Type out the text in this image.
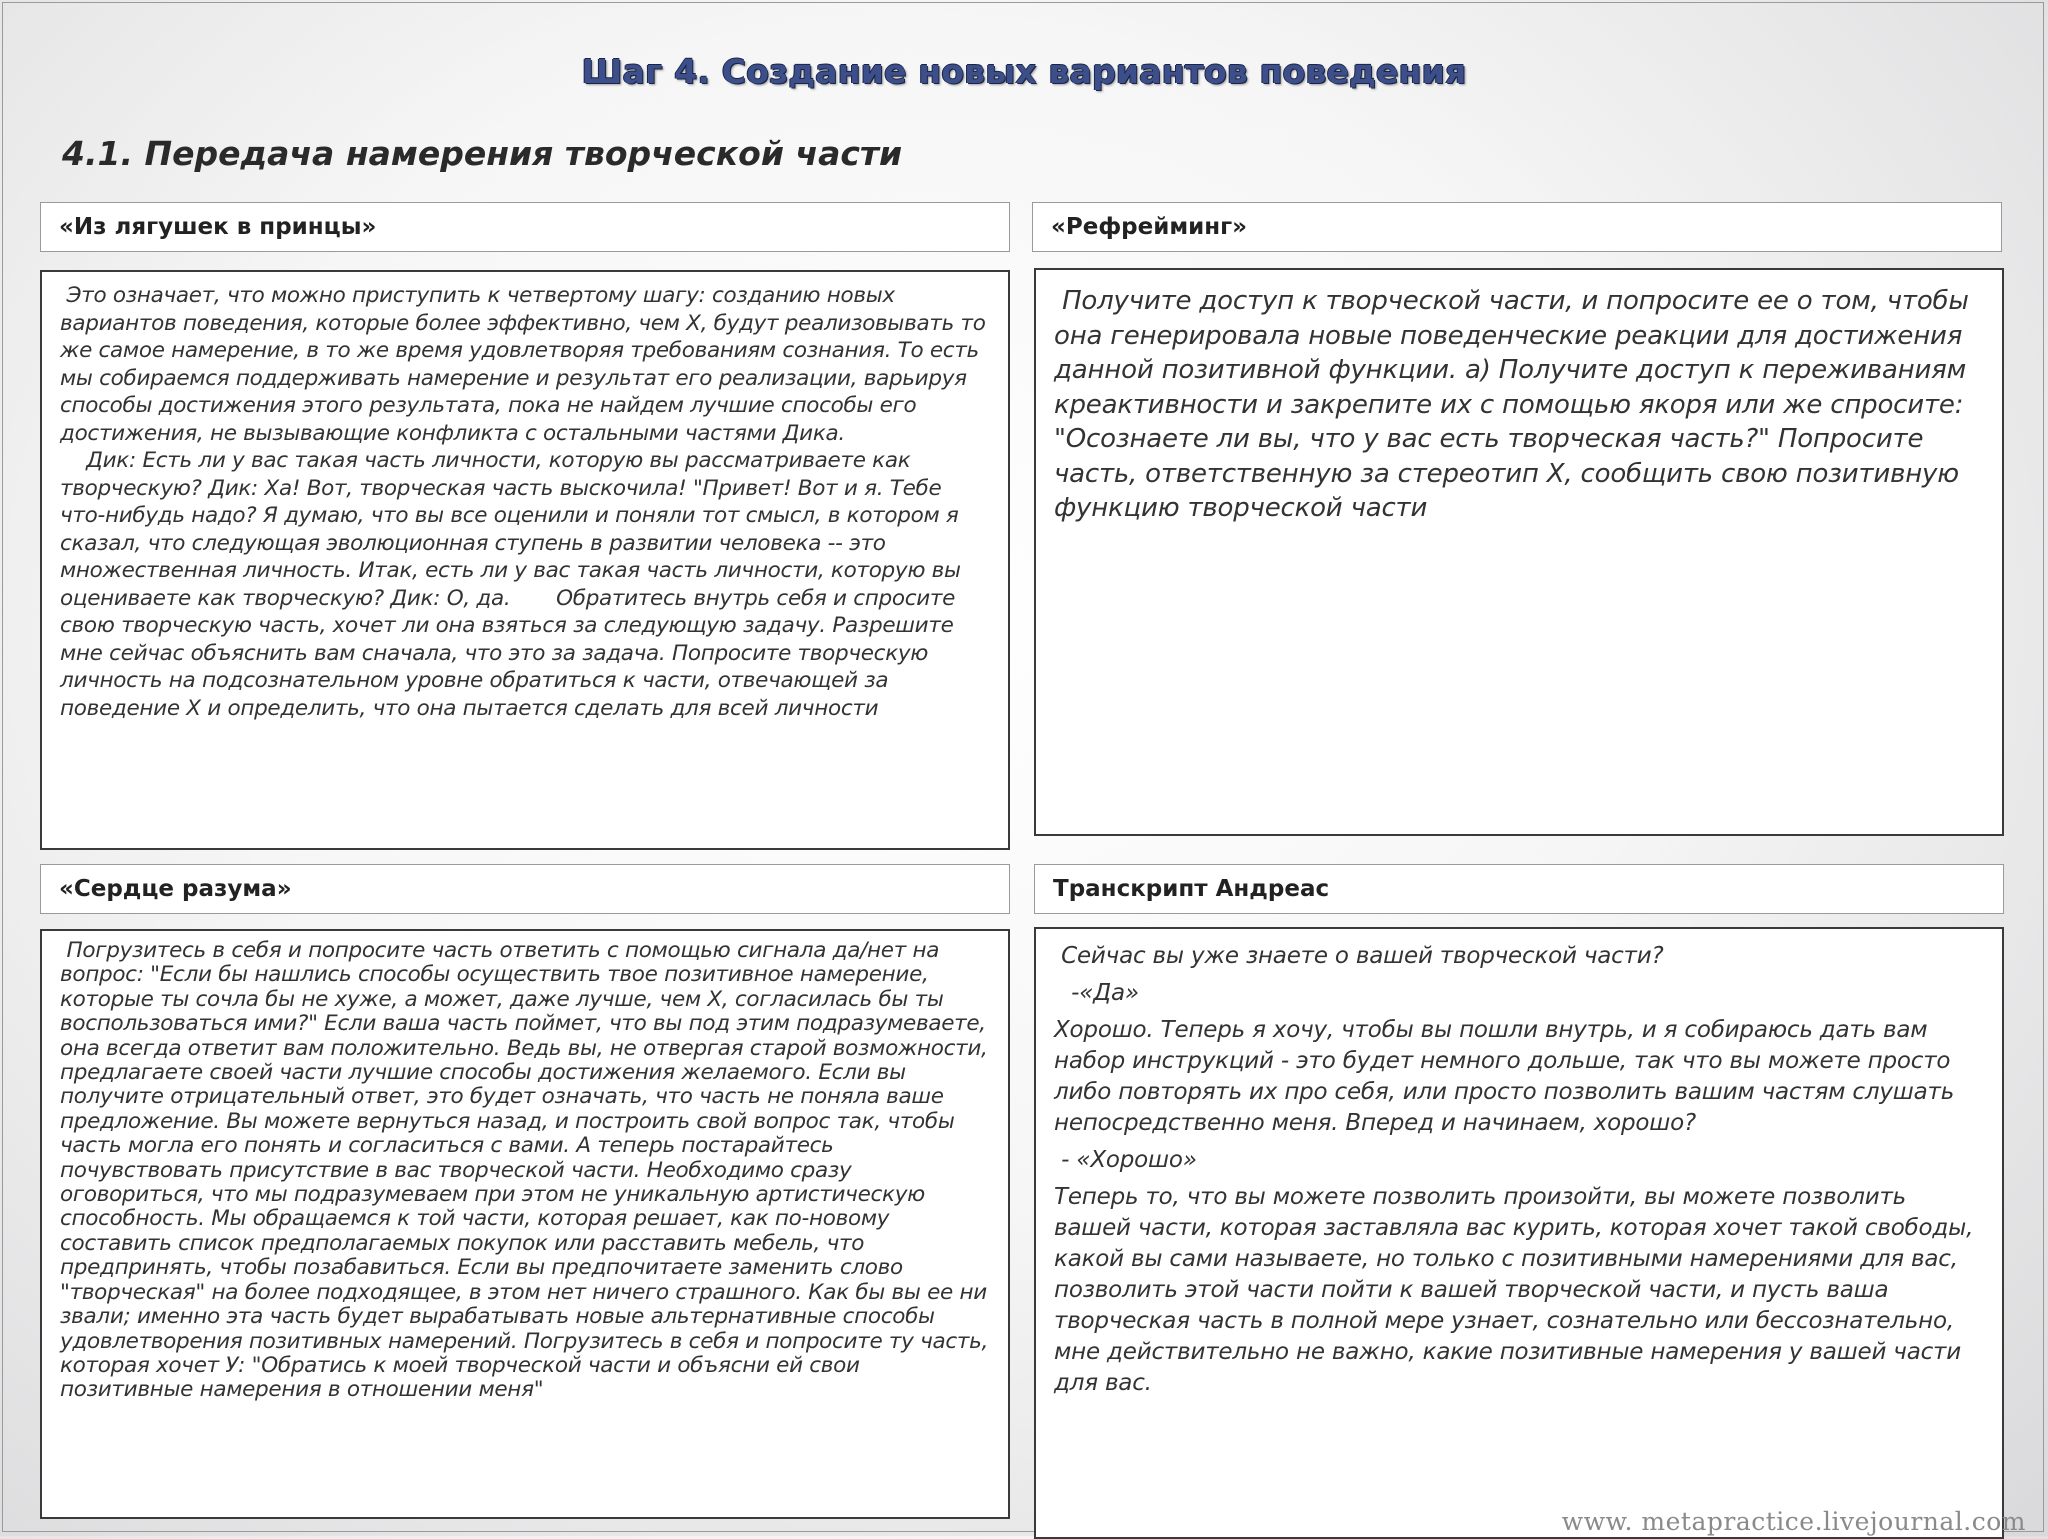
Шаг 4. Создание новых вариантов поведения
4.1. Передача намерения творческой части
«Из лягушек в принцы»

Это означает, что можно приступить к четвертому шагу: созданию новых вариантов поведения, которые более эффективно, чем Х, будут реализовывать то же самое намерение, в то же время удовлетворяя требованиям сознания. То есть мы собираемся поддерживать намерение и результат его реализации, варьируя способы достижения этого результата, пока не найдем лучшие способы его достижения, не вызывающие конфликта с остальными частями Дика.
Дик: Есть ли у вас такая часть личности, которую вы рассматриваете как творческую? Дик: Ха! Вот, творческая часть выскочила! "Привет! Вот и я. Тебе что-нибудь надо? Я думаю, что вы все оценили и поняли тот смысл, в котором я сказал, что следующая эволюционная ступень в развитии человека -- это множественная личность. Итак, есть ли у вас такая часть личности, которую вы оцениваете как творческую? Дик: О, да.       Обратитесь внутрь себя и спросите свою творческую часть, хочет ли она взяться за следующую задачу. Разрешите мне сейчас объяснить вам сначала, что это за задача. Попросите творческую личность на подсознательном уровне обратиться к части, отвечающей за поведение Х и определить, что она пытается сделать для всей личности

«Рефрейминг»

Получите доступ к творческой части, и попросите ее о том, чтобы она генерировала новые поведенческие реакции для достижения данной позитивной функции. а) Получите доступ к переживаниям креактивности и закрепите их с помощью якоря или же спросите: "Осознаете ли вы, что у вас есть творческая часть?" Попросите часть, ответственную за стереотип Х, сообщить свою позитивную функцию творческой части

«Сердце разума»

Погрузитесь в себя и попросите часть ответить с помощью сигнала да/нет на вопрос: "Если бы нашлись способы осуществить твое позитивное намерение, которые ты сочла бы не хуже, а может, даже лучше, чем Х, согласилась бы ты воспользоваться ими?" Если ваша часть поймет, что вы под этим подразумеваете, она всегда ответит вам положительно. Ведь вы, не отвергая старой возможности, предлагаете своей части лучшие способы достижения желаемого. Если вы получите отрицательный ответ, это будет означать, что часть не поняла ваше предложение. Вы можете вернуться назад, и построить свой вопрос так, чтобы часть могла его понять и согласиться с вами. А теперь постарайтесь почувствовать присутствие в вас творческой части. Необходимо сразу оговориться, что мы подразумеваем при этом не уникальную артистическую способность. Мы обращаемся к той части, которая решает, как по-новому составить список предполагаемых покупок или расставить мебель, что предпринять, чтобы позабавиться. Если вы предпочитаете заменить слово "творческая" на более подходящее, в этом нет ничего страшного. Как бы вы ее ни звали; именно эта часть будет вырабатывать новые альтернативные способы удовлетворения позитивных намерений. Погрузитесь в себя и попросите ту часть, которая хочет У: "Обратись к моей творческой части и объясни ей свои позитивные намерения в отношении меня"

Транскрипт Андреас

Сейчас вы уже знаете о вашей творческой части?

-«Да»

Хорошо. Теперь я хочу, чтобы вы пошли внутрь, и я собираюсь дать вам набор инструкций - это будет немного дольше, так что вы можете просто либо повторять их про себя, или просто позволить вашим частям слушать непосредственно меня. Вперед и начинаем, хорошо?

- «Хорошо»

Теперь то, что вы можете позволить произойти, вы можете позволить вашей части, которая заставляла вас курить, которая хочет такой свободы, какой вы сами называете, но только с позитивными намерениями для вас, позволить этой части пойти к вашей творческой части, и пусть ваша творческая часть в полной мере узнает, сознательно или бессознательно, мне действительно не важно, какие позитивные намерения у вашей части для вас.

www. metapractice.livejournal.com
